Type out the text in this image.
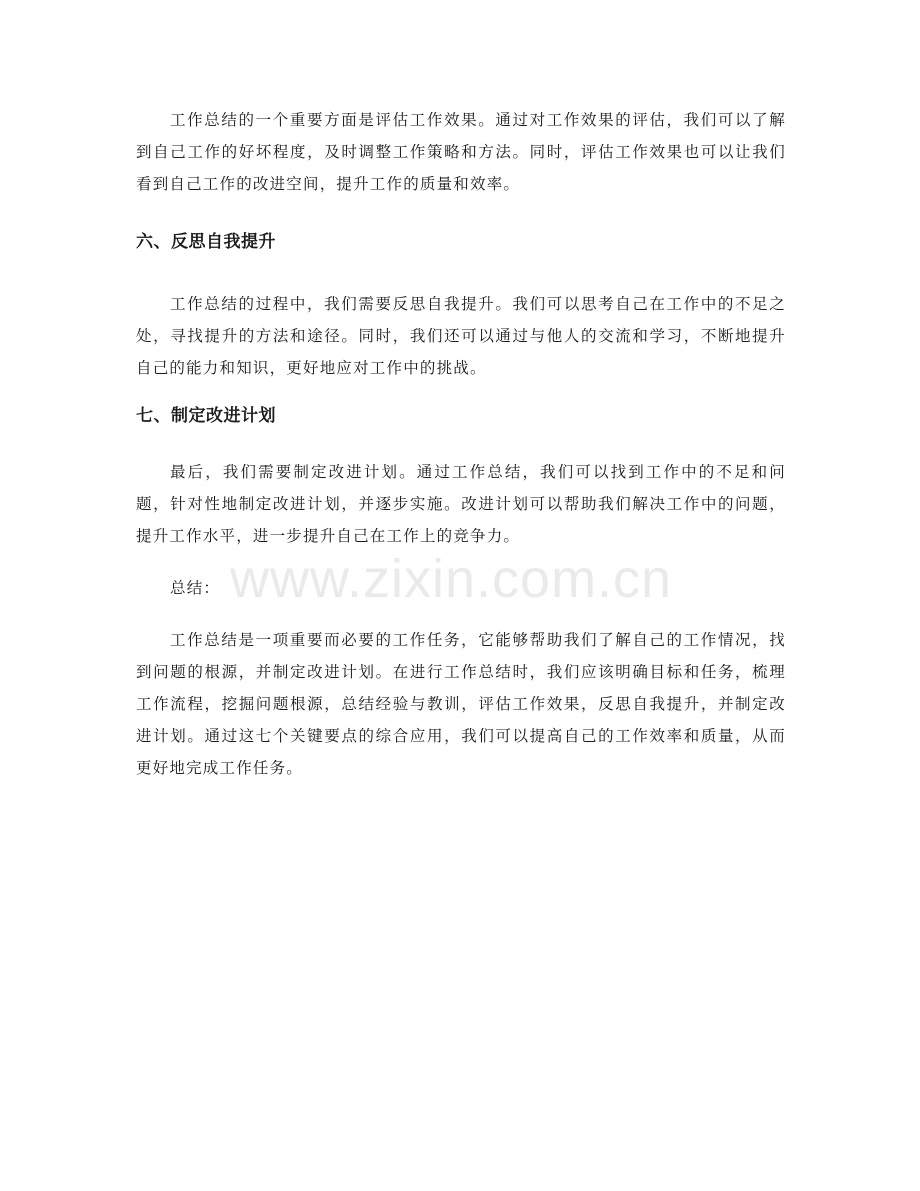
工作总结的一个重要方面是评估工作效果。通过对工作效果的评估，我们可以了解到自己工作的好坏程度，及时调整工作策略和方法。同时，评估工作效果也可以让我们看到自己工作的改进空间，提升工作的质量和效率。

六、反思自我提升

工作总结的过程中，我们需要反思自我提升。我们可以思考自己在工作中的不足之处，寻找提升的方法和途径。同时，我们还可以通过与他人的交流和学习，不断地提升自己的能力和知识，更好地应对工作中的挑战。

七、制定改进计划

最后，我们需要制定改进计划。通过工作总结，我们可以找到工作中的不足和问题，针对性地制定改进计划，并逐步实施。改进计划可以帮助我们解决工作中的问题，提升工作水平，进一步提升自己在工作上的竞争力。

总结：

工作总结是一项重要而必要的工作任务，它能够帮助我们了解自己的工作情况，找到问题的根源，并制定改进计划。在进行工作总结时，我们应该明确目标和任务，梳理工作流程，挖掘问题根源，总结经验与教训，评估工作效果，反思自我提升，并制定改进计划。通过这七个关键要点的综合应用，我们可以提高自己的工作效率和质量，从而更好地完成工作任务。

www.zixin.com.cn
